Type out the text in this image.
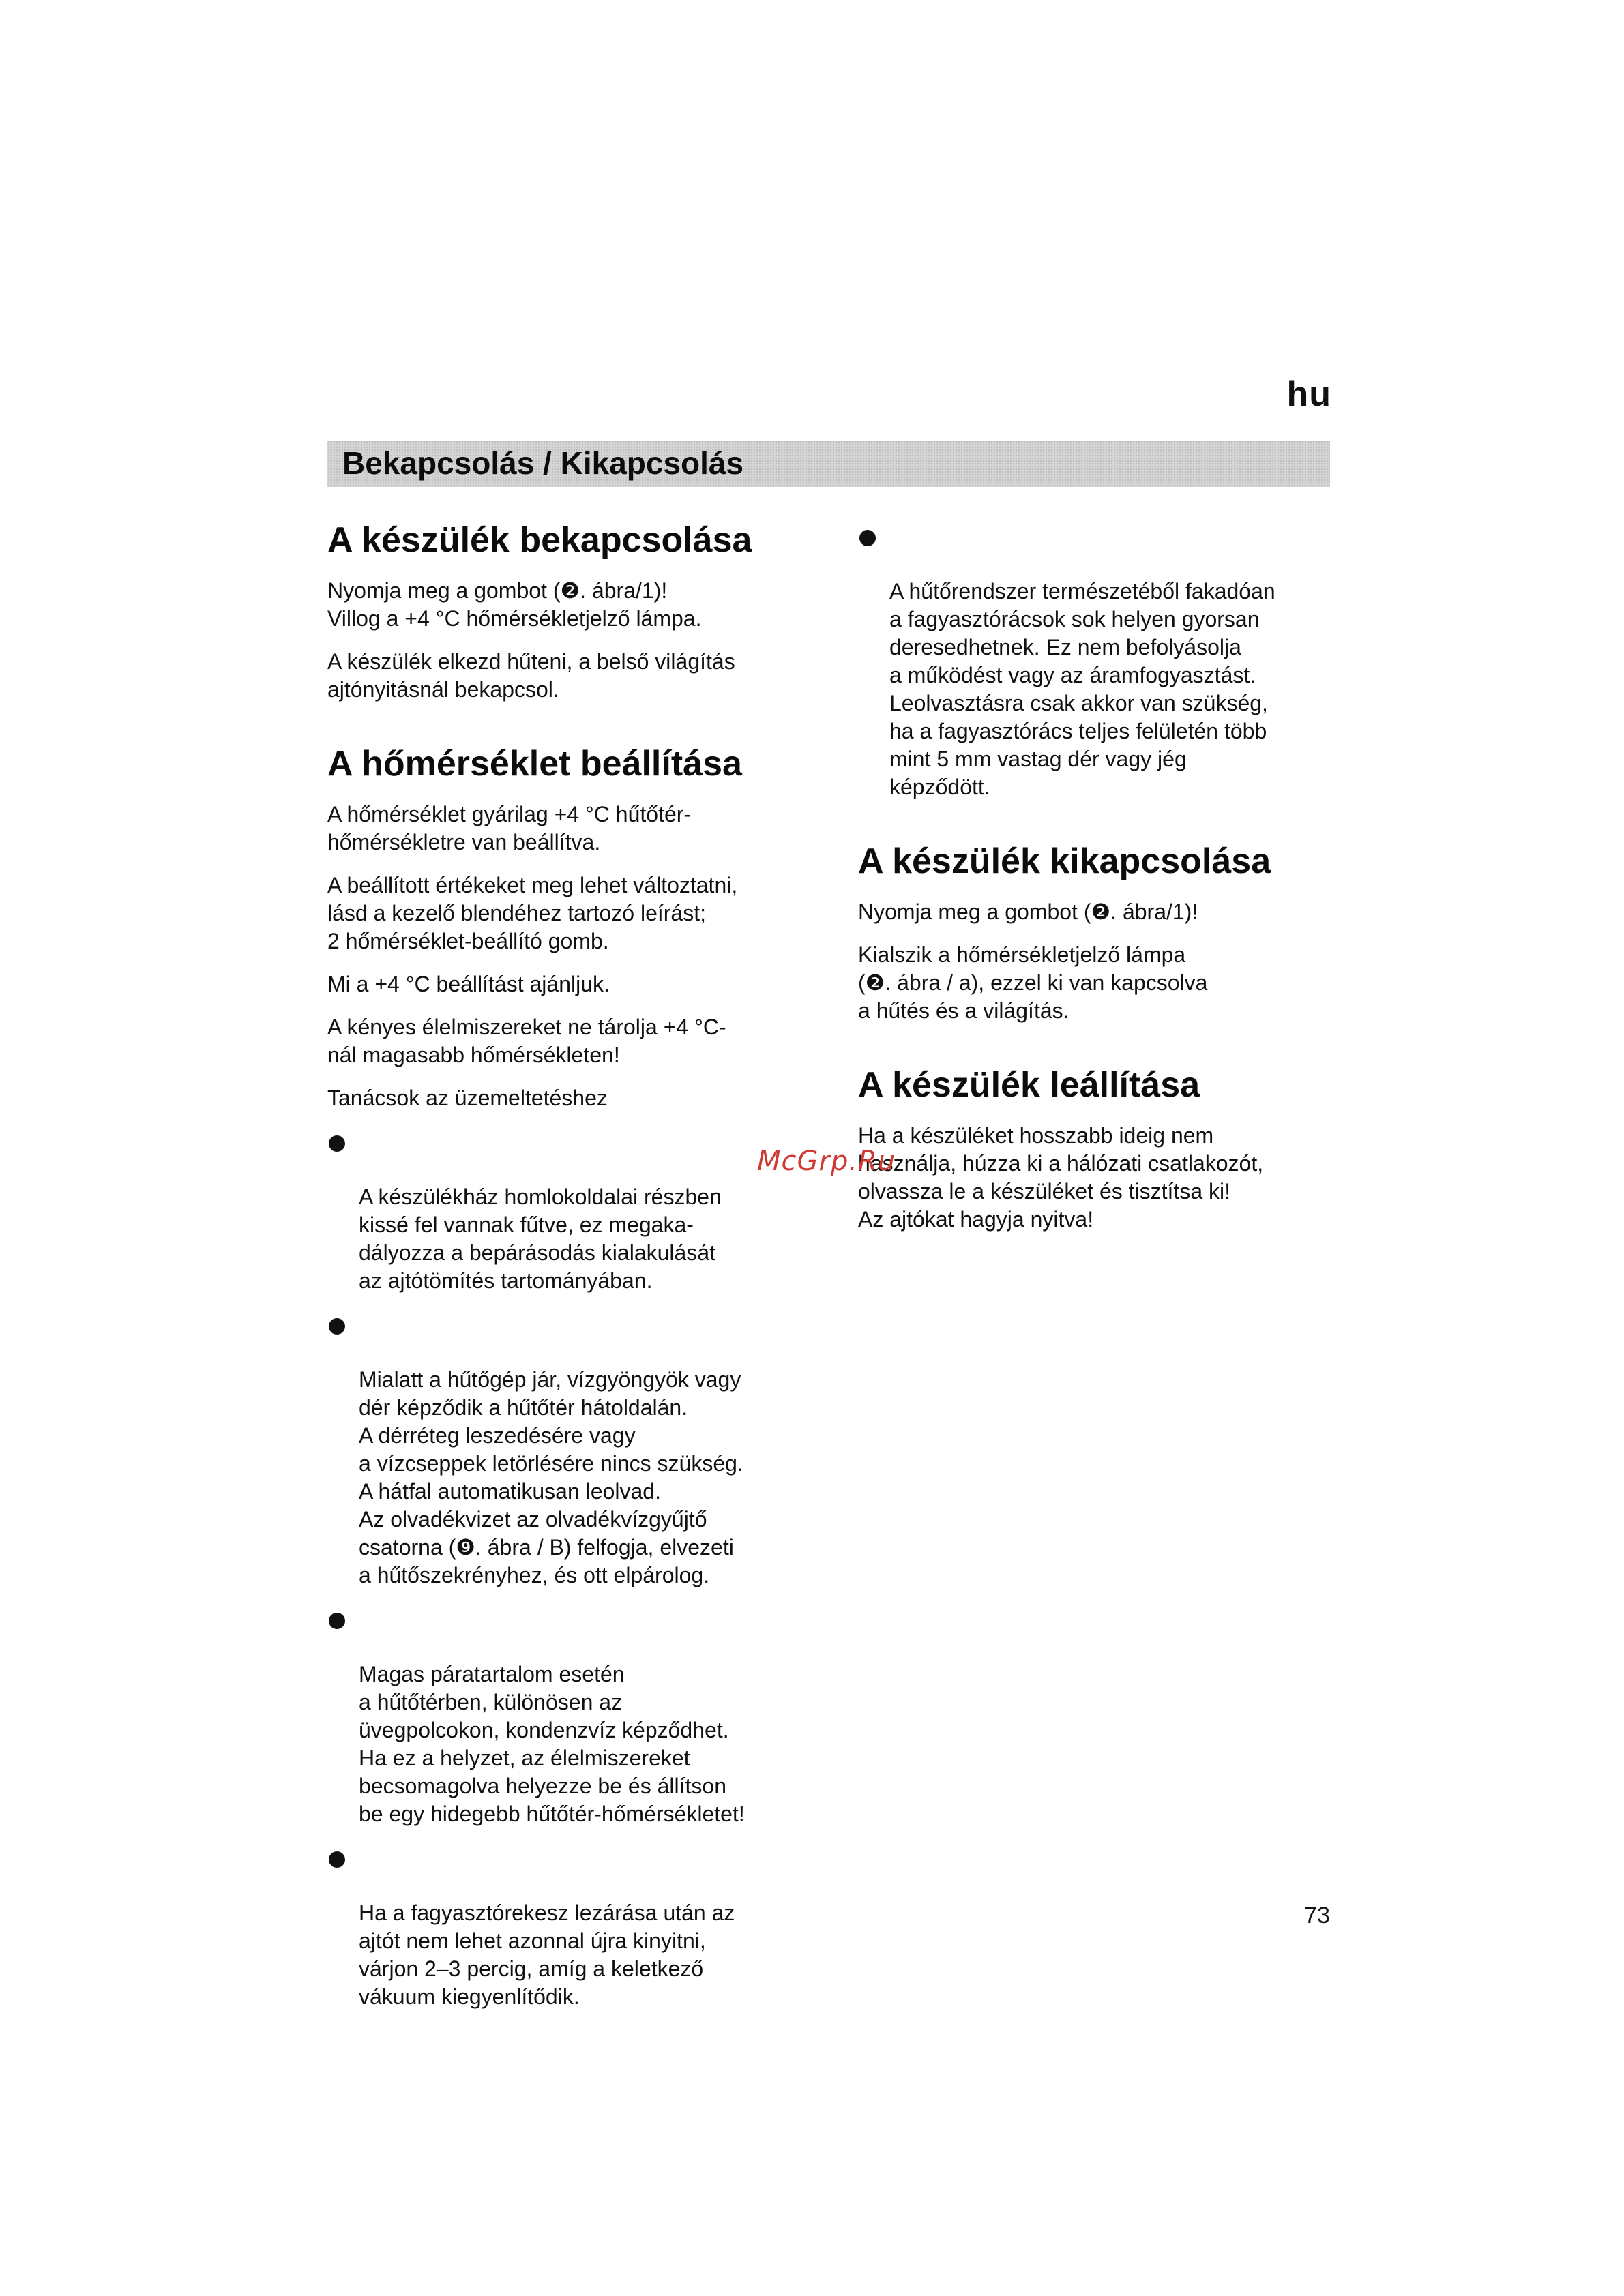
hu
Bekapcsolás / Kikapcsolás
A készülék bekapcsolása

Nyomja meg a gombot (❷. ábra/1)!
Villog a +4 °C hőmérsékletjelző lámpa.

A készülék elkezd hűteni, a belső világítás
ajtónyitásnál bekapcsol.

A hőmérséklet beállítása

A hőmérséklet gyárilag +4 °C hűtőtér-
hőmérsékletre van beállítva.

A beállított értékeket meg lehet változtatni,
lásd a kezelő blendéhez tartozó leírást;
2 hőmérséklet-beállító gomb.

Mi a +4 °C beállítást ajánljuk.

A kényes élelmiszereket ne tárolja +4 °C-
nál magasabb hőmérsékleten!

Tanácsok az üzemeltetéshez

A készülékház homlokoldalai részben
kissé fel vannak fűtve, ez megaka-
dályozza a bepárásodás kialakulását
az ajtótömítés tartományában.

Mialatt a hűtőgép jár, vízgyöngyök vagy
dér képződik a hűtőtér hátoldalán.
A dérréteg leszedésére vagy
a vízcseppek letörlésére nincs szükség.
A hátfal automatikusan leolvad.
Az olvadékvizet az olvadékvízgyűjtő
csatorna (❾. ábra / B) felfogja, elvezeti
a hűtőszekrényhez, és ott elpárolog.

Magas páratartalom esetén
a hűtőtérben, különösen az
üvegpolcokon, kondenzvíz képződhet.
Ha ez a helyzet, az élelmiszereket
becsomagolva helyezze be és állítson
be egy hidegebb hűtőtér-hőmérsékletet!

Ha a fagyasztórekesz lezárása után az
ajtót nem lehet azonnal újra kinyitni,
várjon 2–3 percig, amíg a keletkező
vákuum kiegyenlítődik.

A hűtőrendszer természetéből fakadóan
a fagyasztórácsok sok helyen gyorsan
deresedhetnek. Ez nem befolyásolja
a működést vagy az áramfogyasztást.
Leolvasztásra csak akkor van szükség,
ha a fagyasztórács teljes felületén több
mint 5 mm vastag dér vagy jég
képződött.

A készülék kikapcsolása

Nyomja meg a gombot (❷. ábra/1)!

Kialszik a hőmérsékletjelző lámpa
(❷. ábra / a), ezzel ki van kapcsolva
a hűtés és a világítás.

A készülék leállítása

Ha a készüléket hosszabb ideig nem
használja, húzza ki a hálózati csatlakozót,
olvassza le a készüléket és tisztítsa ki!
Az ajtókat hagyja nyitva!

McGrp.Ru
73
